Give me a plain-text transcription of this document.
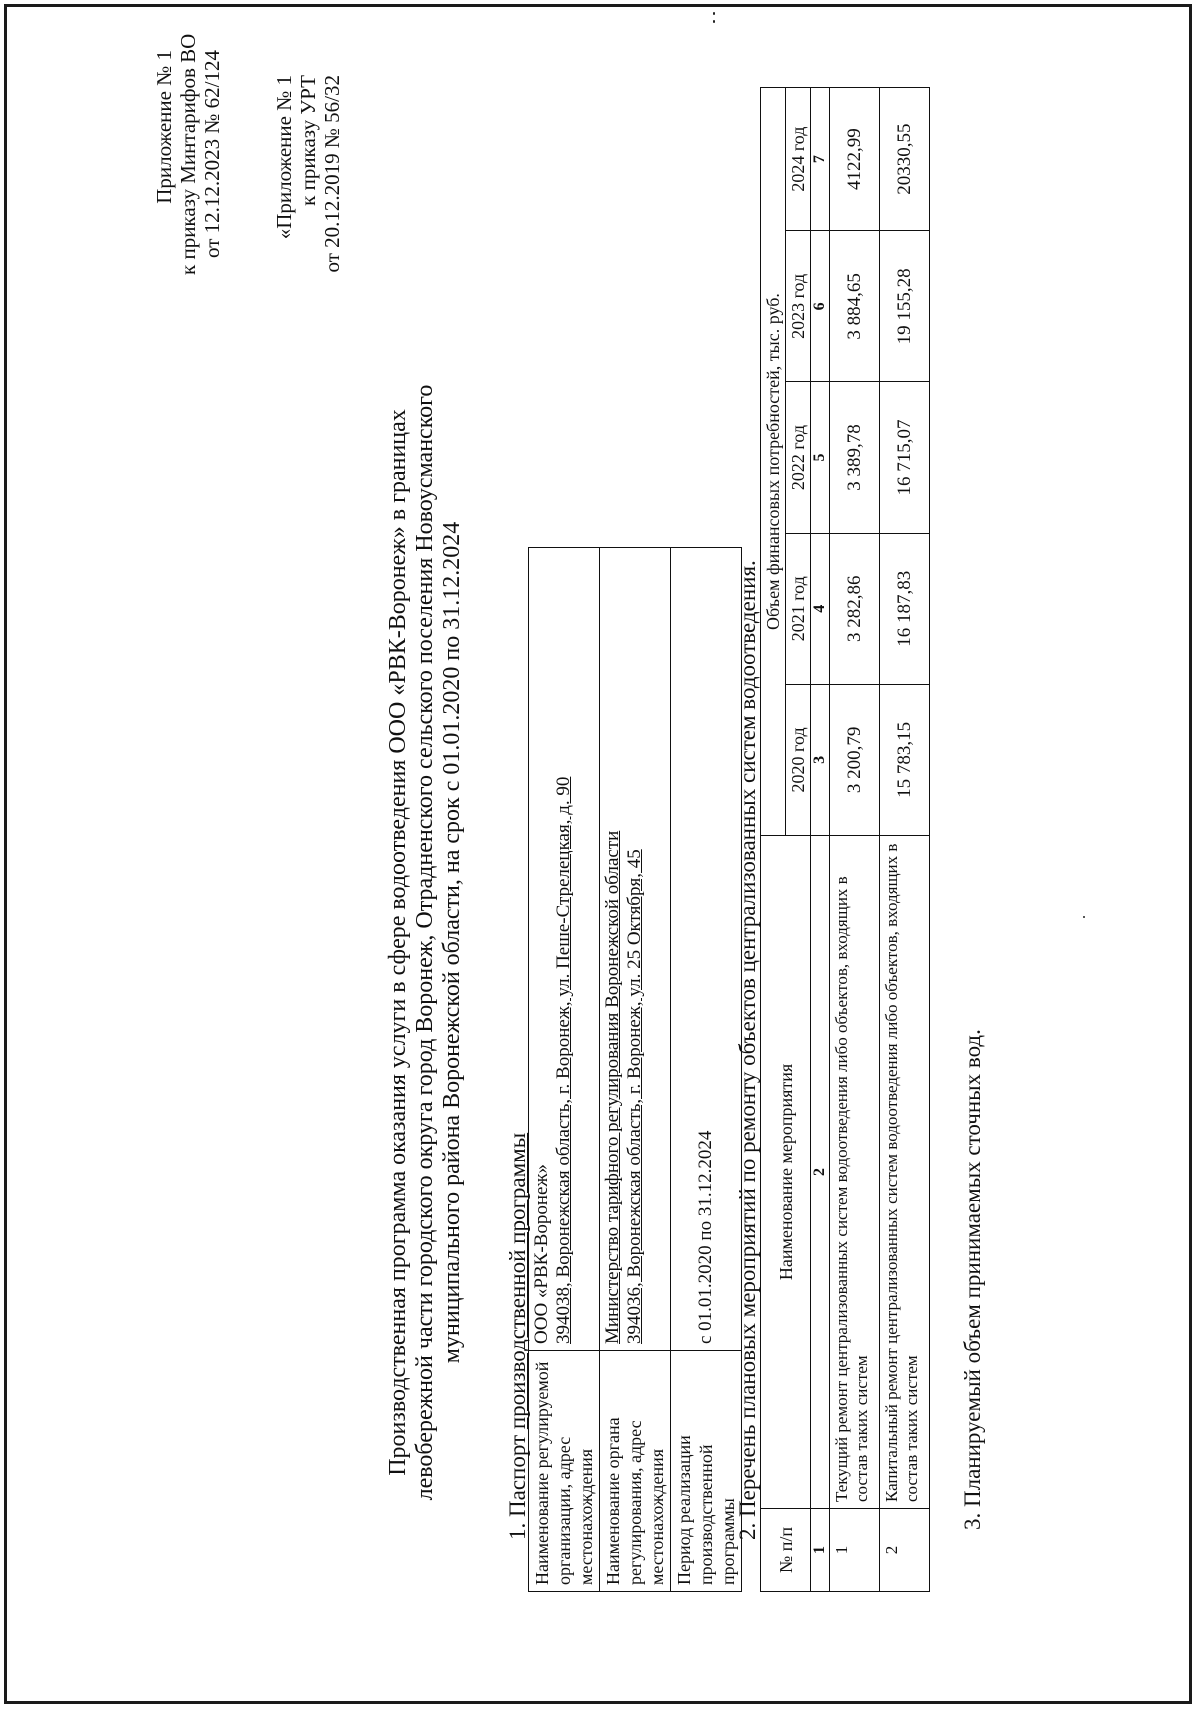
Приложение № 1 к приказу Минтарифов ВО от 12.12.2023 № 62/124 «Приложение № 1 к приказу УРТ от 20.12.2019 № 56/32
Производственная программа оказания услуги в сфере водоотведения ООО «РВК-Воронеж» в границах левобережной части городского округа город Воронеж, Отрадненского сельского поселения Новоусманского муниципального района Воронежской области, на срок с 01.01.2020 по 31.12.2024
1. Паспорт производственной программы
Наименование регулируемой организации, адрес местонахождения	ООО «РВК-Воронеж» 394038, Воронежская область, г. Воронеж, ул. Пеше-Стрелецкая, д. 90

Наименование органа регулирования, адрес местонахождения	Министерство тарифного регулирования Воронежской области 394036, Воронежская область, г. Воронеж, ул. 25 Октября, 45

Период реализации производственной программы	с 01.01.2020 по 31.12.2024 2. Перечень плановых мероприятий по ремонту объектов централизованных систем водоотведения.
№ п/п	Наименование мероприятия	Объем финансовых потребностей, тыс. руб.				
		2020 год	2021 год	2022 год	2023 год	2024 год
1	2	3	4	5	6	7
1	Текущий ремонт централизованных систем водоотведения либо объектов, входящих в состав таких систем	3 200,79	3 282,86	3 389,78	3 884,65	4122,99
2	Капитальный ремонт централизованных систем водоотведения либо объектов, входящих в состав таких систем	15 783,15	16 187,83	16 715,07	19 155,28	20330,55
3. Планируемый объем принимаемых сточных вод.
